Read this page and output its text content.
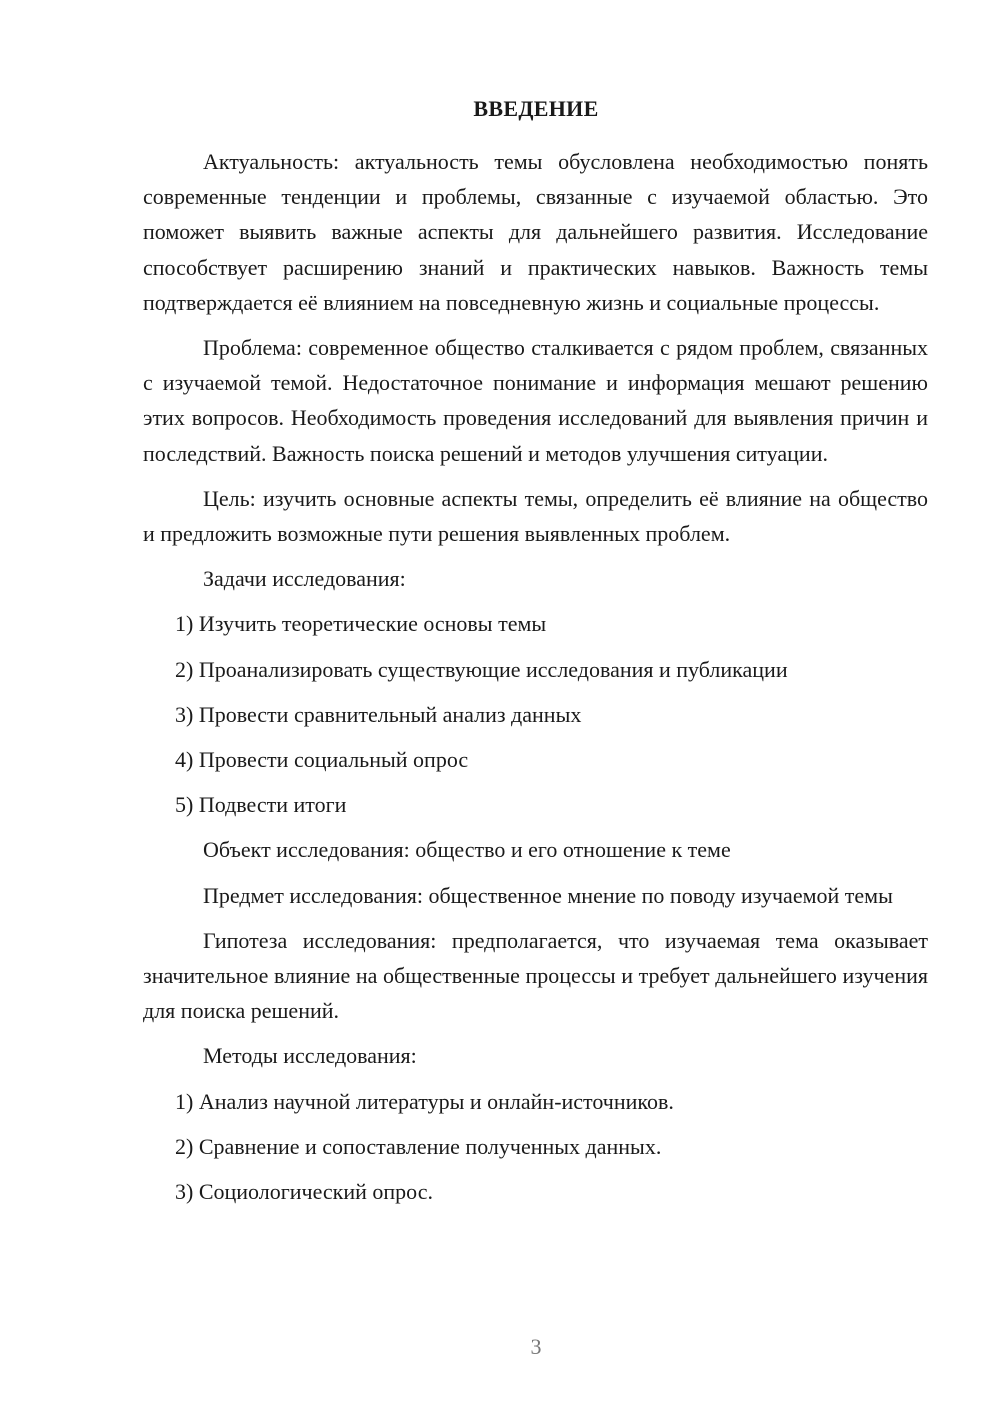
ВВЕДЕНИЕ

Актуальность: актуальность темы обусловлена необходимостью понять современные тенденции и проблемы, связанные с изучаемой областью. Это поможет выявить важные аспекты для дальнейшего развития. Исследование способствует расширению знаний и практических навыков. Важность темы подтверждается её влиянием на повседневную жизнь и социальные процессы.

Проблема: современное общество сталкивается с рядом проблем, связанных с изучаемой темой. Недостаточное понимание и информация мешают решению этих вопросов. Необходимость проведения исследований для выявления причин и последствий. Важность поиска решений и методов улучшения ситуации.

Цель: изучить основные аспекты темы, определить её влияние на общество и предложить возможные пути решения выявленных проблем.

Задачи исследования:

1) Изучить теоретические основы темы

2) Проанализировать существующие исследования и публикации

3) Провести сравнительный анализ данных

4) Провести социальный опрос

5) Подвести итоги

Объект исследования: общество и его отношение к теме

Предмет исследования: общественное мнение по поводу изучаемой темы

Гипотеза исследования: предполагается, что изучаемая тема оказывает значительное влияние на общественные процессы и требует дальнейшего изучения для поиска решений.

Методы исследования:

1) Анализ научной литературы и онлайн-источников.

2) Сравнение и сопоставление полученных данных.

3) Социологический опрос.

3
